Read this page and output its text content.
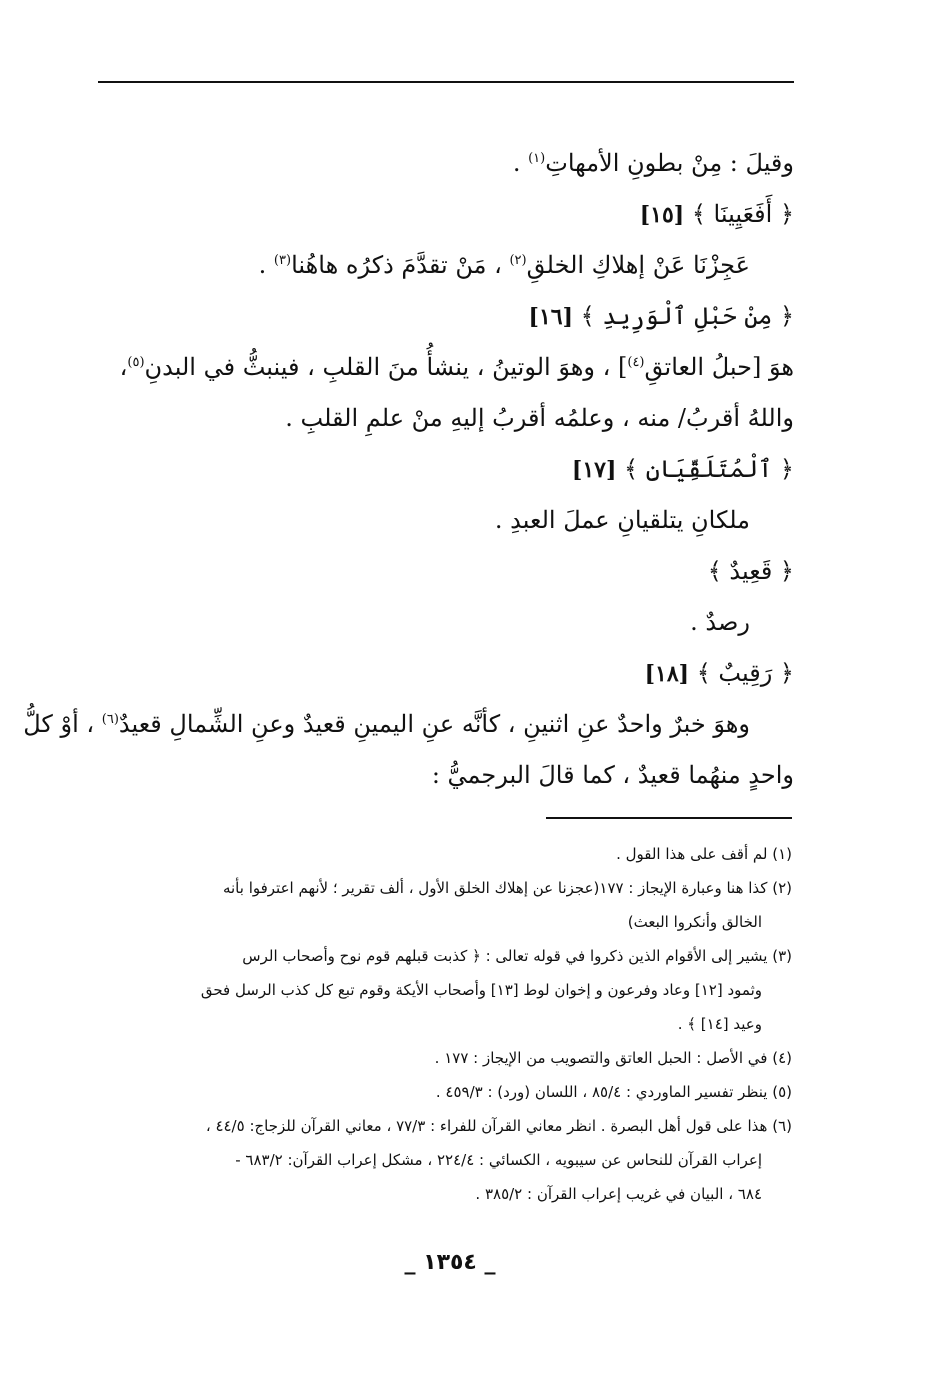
وقيلَ : مِنْ بطونِ الأمهاتِ$^{(١)}$ .
﴿ أَفَعَيِينَا ﴾ [١٥]
عَجِزْنَا عَنْ إهلاكِ الخلقِ$^{(٢)}$ ، مَنْ تقدَّمَ ذكرُه هاهُنا$^{(٣)}$ .
﴿ مِنْ حَبْلِ ٱلْوَرِيدِ ﴾ [١٦]
هوَ [حبلُ العاتقِ$^{(٤)}$] ، وهوَ الوتينُ ، ينشأُ منَ القلبِ ، فينبثُّ في البدنِ$^{(٥)}$،
واللهُ أقربُ/ منه ، وعلمُه أقربُ إليهِ منْ علمِ القلبِ .
﴿ ٱلْمُتَلَقِّيَانِ ﴾ [١٧]
ملكانِ يتلقيانِ عملَ العبدِ .
﴿ قَعِيدٌ ﴾
رصدٌ .
﴿ رَقِيبٌ ﴾ [١٨]
وهوَ خبرٌ واحدٌ عنِ اثنينِ ، كأنَّه عنِ اليمينِ قعيدٌ وعنِ الشِّمالِ قعيدٌ$^{(٦)}$ ، أوْ كلُّ
واحدٍ منهُما قعيدٌ ، كما قالَ البرجميُّ :
(١) لم أقف على هذا القول .
(٢) كذا هنا وعبارة الإيجاز : ١٧٧(عجزنا عن إهلاك الخلق الأول ، ألف تقرير ؛ لأنهم اعترفوا بأنه
الخالق وأنكروا البعث)
(٣) يشير إلى الأقوام الذين ذكروا في قوله تعالى : ﴿ كذبت قبلهم قوم نوح وأصحاب الرس
وثمود [١٢] وعاد وفرعون و إخوان لوط [١٣] وأصحاب الأيكة وقوم تبع كل كذب الرسل فحق
وعيد [١٤] ﴾ .
(٤) في الأصل : الحبل العاتق والتصويب من الإيجاز : ١٧٧ .
(٥) ينظر تفسير الماوردي : ٨٥/٤ ، اللسان (ورد) : ٤٥٩/٣ .
(٦) هذا على قول أهل البصرة . انظر معاني القرآن للفراء : ٧٧/٣ ، معاني القرآن للزجاج: ٤٤/٥ ،
إعراب القرآن للنحاس عن سيبويه ، الكسائي : ٢٢٤/٤ ، مشكل إعراب القرآن: ٦٨٣/٢ -
٦٨٤ ، البيان في غريب إعراب القرآن : ٣٨٥/٢ .
_ ١٣٥٤ _
